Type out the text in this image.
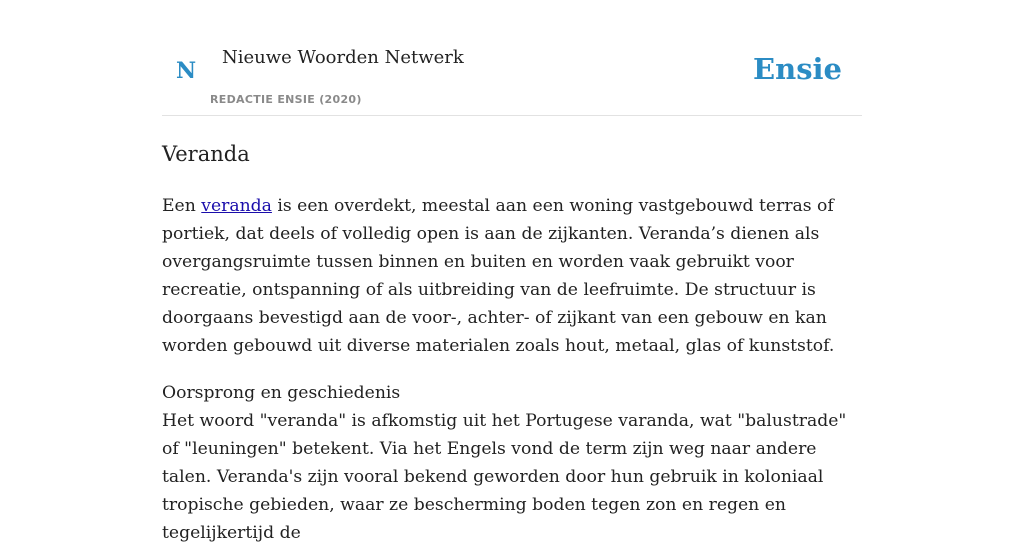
N
Nieuwe Woorden Netwerk
REDACTIE ENSIE (2020)
Ensie
Veranda

Een veranda is een overdekt, meestal aan een woning vastgebouwd terras of portiek, dat deels of volledig open is aan de zijkanten. Veranda’s dienen als overgangsruimte tussen binnen en buiten en worden vaak gebruikt voor recreatie, ontspanning of als uitbreiding van de leefruimte. De structuur is doorgaans bevestigd aan de voor-, achter- of zijkant van een gebouw en kan worden gebouwd uit diverse materialen zoals hout, metaal, glas of kunststof.

Oorsprong en geschiedenis

Het woord "veranda" is afkomstig uit het Portugese varanda, wat "balustrade" of "leuningen" betekent. Via het Engels vond de term zijn weg naar andere talen. Veranda's zijn vooral bekend geworden door hun gebruik in koloniaal tropische gebieden, waar ze bescherming boden tegen zon en regen en tegelijkertijd de
